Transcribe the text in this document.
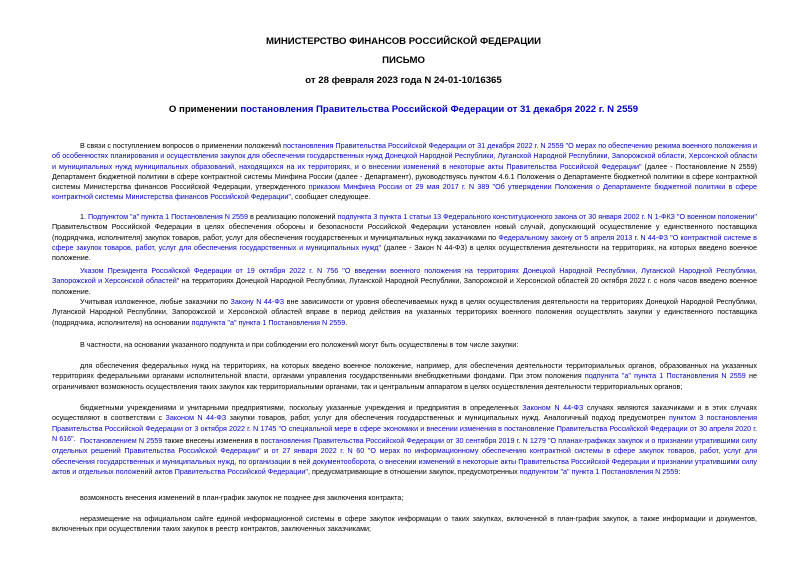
МИНИСТЕРСТВО ФИНАНСОВ РОССИЙСКОЙ ФЕДЕРАЦИИ
ПИСЬМО
от 28 февраля 2023 года N 24-01-10/16365
О применении постановления Правительства Российской Федерации от 31 декабря 2022 г. N 2559

В связи с поступлением вопросов о применении положений постановления Правительства Российской Федерации от 31 декабря 2022 г. N 2559 "О мерах по обеспечению режима военного положения и об особенностях планирования и осуществления закупок для обеспечения государственных нужд Донецкой Народной Республики, Луганской Народной Республики, Запорожской области, Херсонской области и муниципальных нужд муниципальных образований, находящихся на их территориях, и о внесении изменений в некоторые акты Правительства Российской Федерации" (далее - Постановление N 2559) Департамент бюджетной политики в сфере контрактной системы Минфина России (далее - Департамент), руководствуясь пунктом 4.6.1 Положения о Департаменте бюджетной политики в сфере контрактной системы Министерства финансов Российской Федерации, утвержденного приказом Минфина России от 29 мая 2017 г. N 389 "Об утверждении Положения о Департаменте бюджетной политики в сфере контрактной системы Министерства финансов Российской Федерации", сообщает следующее.

1. Подпунктом "а" пункта 1 Постановления N 2559 в реализацию положений подпункта 3 пункта 1 статьи 13 Федерального конституционного закона от 30 января 2002 г. N 1-ФКЗ "О военном положении" Правительством Российской Федерации в целях обеспечения обороны и безопасности Российской Федерации установлен новый случай, допускающий осуществление у единственного поставщика (подрядчика, исполнителя) закупок товаров, работ, услуг для обеспечения государственных и муниципальных нужд заказчиками по Федеральному закону от 5 апреля 2013 г. N 44-ФЗ "О контрактной системе в сфере закупок товаров, работ, услуг для обеспечения государственных и муниципальных нужд" (далее - Закон N 44-ФЗ) в целях осуществления деятельности на территориях, на которых введено военное положение.

Указом Президента Российской Федерации от 19 октября 2022 г. N 756 "О введении военного положения на территориях Донецкой Народной Республики, Луганской Народной Республики, Запорожской и Херсонской областей" на территориях Донецкой Народной Республики, Луганской Народной Республики, Запорожской и Херсонской областей 20 октября 2022 г. с ноля часов введено военное положение.

Учитывая изложенное, любые заказчики по Закону N 44-ФЗ вне зависимости от уровня обеспечиваемых нужд в целях осуществления деятельности на территориях Донецкой Народной Республики, Луганской Народной Республики, Запорожской и Херсонской областей вправе в период действия на указанных территориях военного положения осуществлять закупки у единственного поставщика (подрядчика, исполнителя) на основании подпункта "а" пункта 1 Постановления N 2559.

В частности, на основании указанного подпункта и при соблюдении его положений могут быть осуществлены в том числе закупки:

для обеспечения федеральных нужд на территориях, на которых введено военное положение, например, для обеспечения деятельности территориальных органов, образованных на указанных территориях федеральными органами исполнительной власти, органами управления государственными внебюджетными фондами. При этом положения подпункта "а" пункта 1 Постановления N 2559 не ограничивают возможность осуществления таких закупок как территориальными органами, так и центральным аппаратом в целях осуществления деятельности территориальных органов;

бюджетными учреждениями и унитарными предприятиями, поскольку указанные учреждения и предприятия в определенных Законом N 44-ФЗ случаях являются заказчиками и в этих случаях осуществляют в соответствии с Законом N 44-ФЗ закупки товаров, работ, услуг для обеспечения государственных и муниципальных нужд. Аналогичный подход предусмотрен пунктом 3 постановления Правительства Российской Федерации от 3 октября 2022 г. N 1745 "О специальной мере в сфере экономики и внесении изменения в постановление Правительства Российской Федерации от 30 апреля 2020 г. N 616". Постановлением N 2559 также внесены изменения в постановления Правительства Российской Федерации от 30 сентября 2019 г. N 1279 "О планах-графиках закупок и о признании утратившими силу отдельных решений Правительства Российской Федерации" и от 27 января 2022 г. N 60 "О мерах по информационному обеспечению контрактной системы в сфере закупок товаров, работ, услуг для обеспечения государственных и муниципальных нужд, по организации в ней документооборота, о внесении изменений в некоторые акты Правительства Российской Федерации и признании утратившими силу актов и отдельных положений актов Правительства Российской Федерации", предусматривающие в отношении закупок, предусмотренных подпунктом "а" пункта 1 Постановления N 2559:

возможность внесения изменений в план-график закупок не позднее дня заключения контракта;

неразмещение на официальном сайте единой информационной системы в сфере закупок информации о таких закупках, включенной в план-график закупок, а также информации и документов, включенных при осуществлении таких закупок в реестр контрактов, заключенных заказчиками;
